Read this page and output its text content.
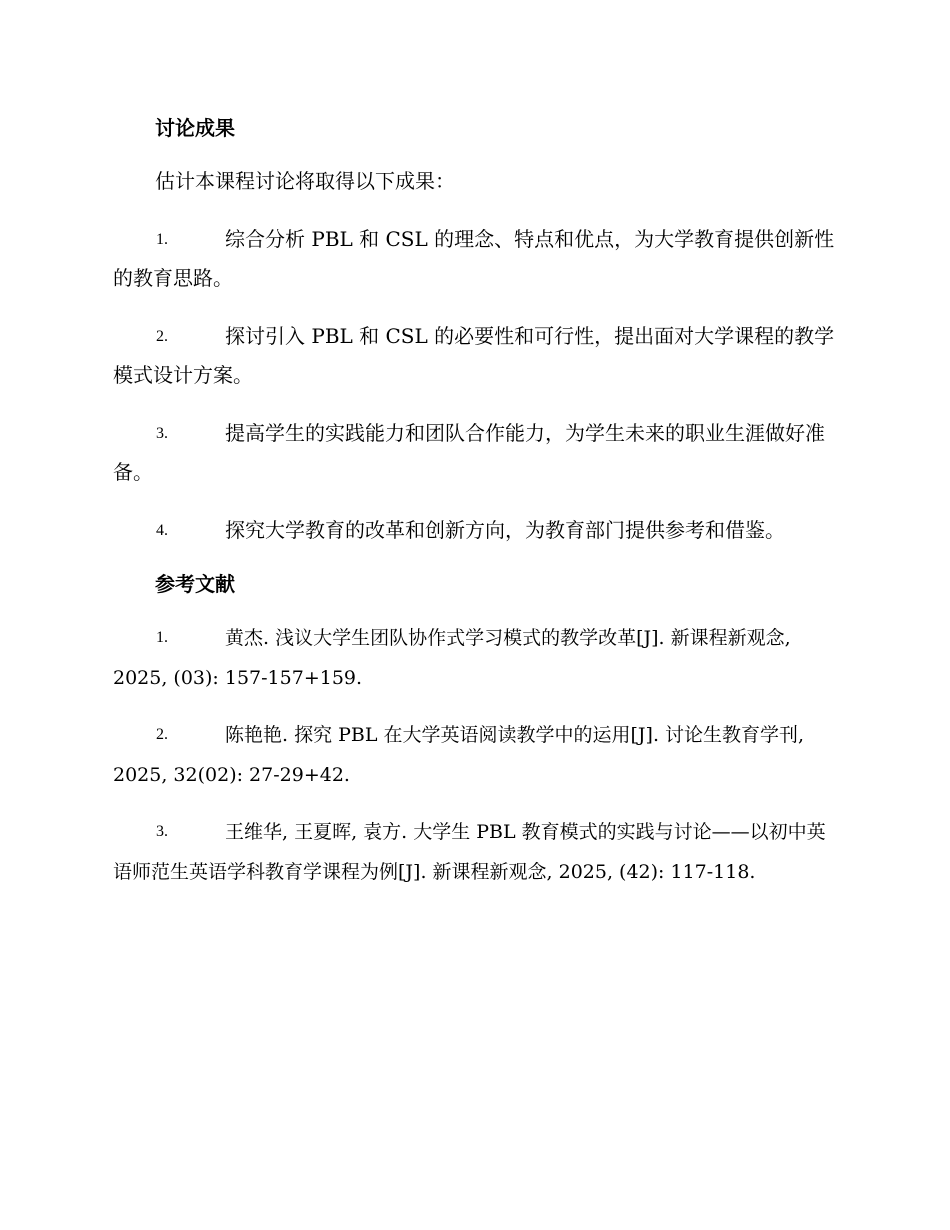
讨论成果

估计本课程讨论将取得以下成果：

1.	综合分析 PBL 和 CSL 的理念、特点和优点，为大学教育提供创新性的教育思路。
2.	探讨引入 PBL 和 CSL 的必要性和可行性，提出面对大学课程的教学模式设计方案。
3.	提高学生的实践能力和团队合作能力，为学生未来的职业生涯做好准备。
4.	探究大学教育的改革和创新方向，为教育部门提供参考和借鉴。
参考文献
1.	黄杰. 浅议大学生团队协作式学习模式的教学改革[J]. 新课程新观念, 2025, (03): 157-157+159.
2.	陈艳艳. 探究 PBL 在大学英语阅读教学中的运用[J]. 讨论生教育学刊, 2025, 32(02): 27-29+42.
3.	王维华, 王夏晖, 袁方. 大学生 PBL 教育模式的实践与讨论——以初中英语师范生英语学科教育学课程为例[J]. 新课程新观念, 2025, (42): 117-118.
